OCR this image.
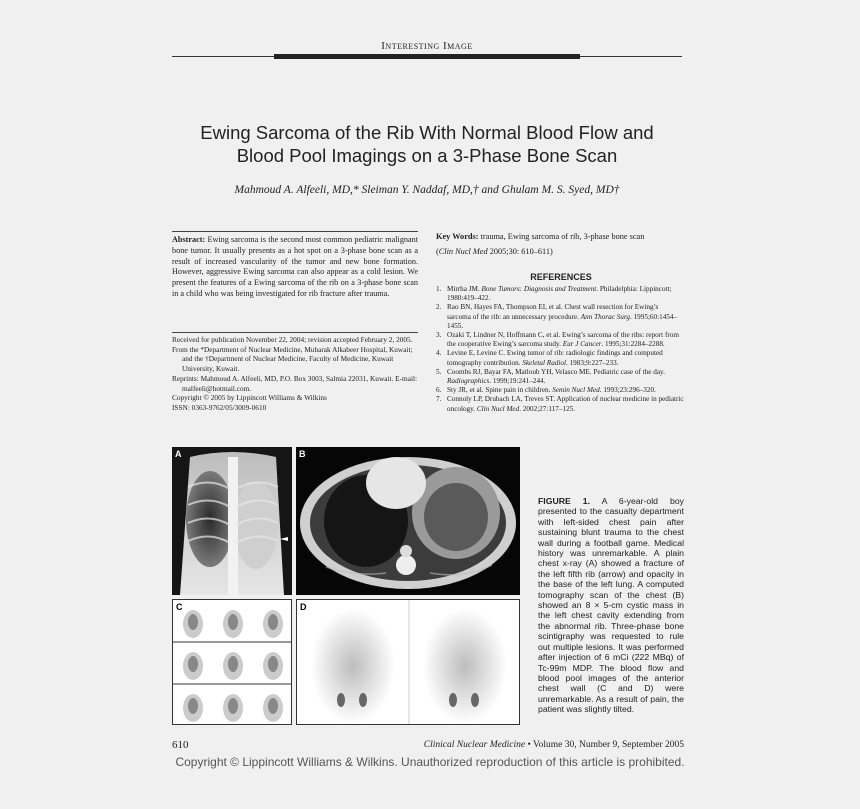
Interesting Image
Ewing Sarcoma of the Rib With Normal Blood Flow and
Blood Pool Imagings on a 3-Phase Bone Scan
Mahmoud A. Alfeeli, MD,* Sleiman Y. Naddaf, MD,† and Ghulam M. S. Syed, MD†
Abstract: Ewing sarcoma is the second most common pediatric malignant bone tumor. It usually presents as a hot spot on a 3-phase bone scan as a result of increased vascularity of the tumor and new bone formation. However, aggressive Ewing sarcoma can also appear as a cold lesion. We present the features of a Ewing sarcoma of the rib on a 3-phase bone scan in a child who was being investigated for rib fracture after trauma.

Received for publication November 22, 2004; revision accepted February 2, 2005.

From the *Department of Nuclear Medicine, Mubarak Alkabeer Hospital, Kuwait; and the †Department of Nuclear Medicine, Faculty of Medicine, Kuwait University, Kuwait.

Reprints: Mahmoud A. Alfeeli, MD, P.O. Box 3003, Salmia 22031, Kuwait. E-mail: malfeeli@hotmail.com.

Copyright © 2005 by Lippincott Williams & Wilkins

ISSN: 0363-9762/05/3009-0610

Key Words: trauma, Ewing sarcoma of rib, 3-phase bone scan
(Clin Nucl Med 2005;30: 610–611)
REFERENCES
1. Mirrha JM. Bone Tumors: Diagnosis and Treatment. Philadelphia: Lippincott; 1980:419–422.
2. Rao BN, Hayes FA, Thompson EI, et al. Chest wall resection for Ewing’s sarcoma of the rib: an unnecessary procedure. Ann Thorac Surg. 1995;60:1454–1455.
3. Ozaki T, Lindner N, Hoffmann C, et al. Ewing’s sarcoma of the ribs: report from the cooperative Ewing’s sarcoma study. Eur J Cancer. 1995;31:2284–2288.
4. Levine E, Levine C. Ewing tumor of rib: radiologic findings and computed tomography contribution. Skeletal Radiol. 1983;9:227–233.
5. Coombs RJ, Bayar FA, Matloub YH, Velasco ME. Pediatric case of the day. Radiographics. 1999;19:241–244.
6. Sty JR, et al. Spine pain in children. Semin Nucl Med. 1993;23:296–320.
7. Connoly LP, Drubach LA, Treves ST. Application of nuclear medicine in pediatric oncology. Clin Nucl Med. 2002;27:117–125.
A	B
C	D
FIGURE 1. A 6-year-old boy presented to the casualty department with left-sided chest pain after sustaining blunt trauma to the chest wall during a football game. Medical history was unremarkable. A plain chest x-ray (A) showed a fracture of the left fifth rib (arrow) and opacity in the base of the left lung. A computed tomography scan of the chest (B) showed an 8 × 5-cm cystic mass in the left chest cavity extending from the abnormal rib. Three-phase bone scintigraphy was requested to rule out multiple lesions. It was performed after injection of 6 mCi (222 MBq) of Tc-99m MDP. The blood flow and blood pool images of the anterior chest wall (C and D) were unremarkable. As a result of pain, the patient was slightly tilted.
610	Clinical Nuclear Medicine • Volume 30, Number 9, September 2005
Copyright © Lippincott Williams & Wilkins. Unauthorized reproduction of this article is prohibited.
